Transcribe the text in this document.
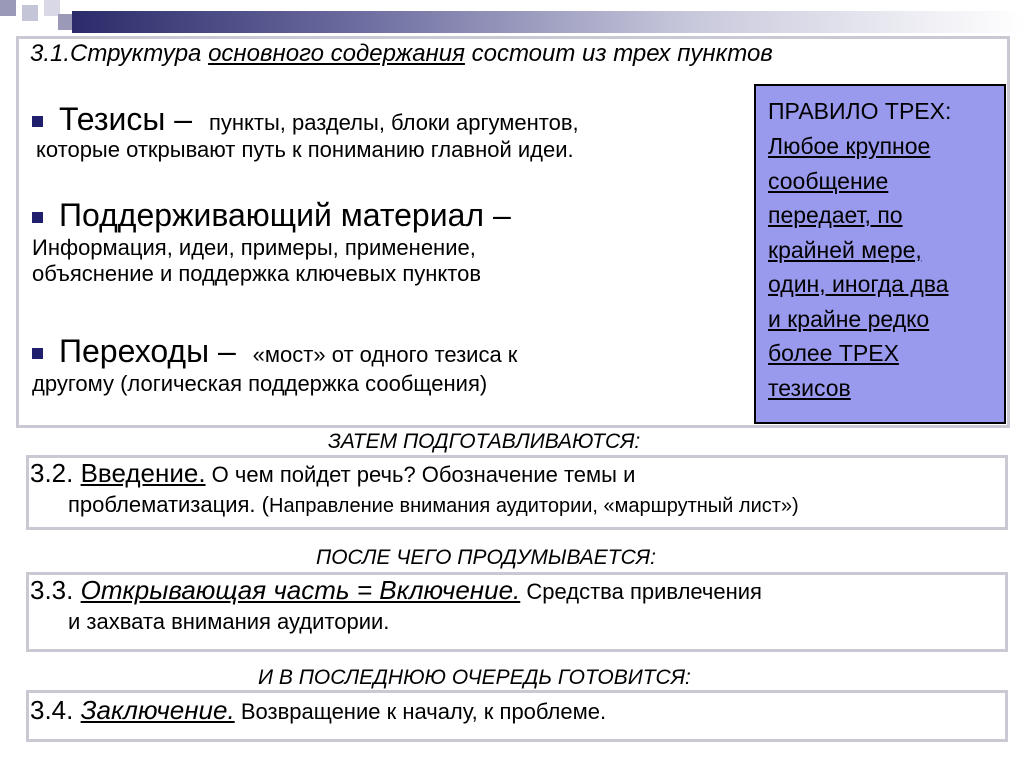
3.1.Структура основного содержания состоит из трех пунктов
Тезисы – пункты, разделы, блоки аргументов,
которые открывают путь к пониманию главной идеи.
Поддерживающий материал –
Информация, идеи, примеры, применение,
объяснение и поддержка ключевых пунктов
Переходы – «мост» от одного тезиса к
другому (логическая поддержка сообщения)
ПРАВИЛО ТРЕХ:
Любое крупное
сообщение
передает, по
крайней мере,
один, иногда два
и крайне редко
более ТРЕХ
тезисов
ЗАТЕМ ПОДГОТАВЛИВАЮТСЯ:
3.2. Введение. О чем пойдет речь? Обозначение темы и
проблематизация. (Направление внимания аудитории, «маршрутный лист»)
ПОСЛЕ ЧЕГО ПРОДУМЫВАЕТСЯ:
3.3. Открывающая часть = Включение. Средства привлечения
и захвата внимания аудитории.
И В ПОСЛЕДНЮЮ ОЧЕРЕДЬ ГОТОВИТСЯ:
3.4. Заключение. Возвращение к началу, к проблеме.
